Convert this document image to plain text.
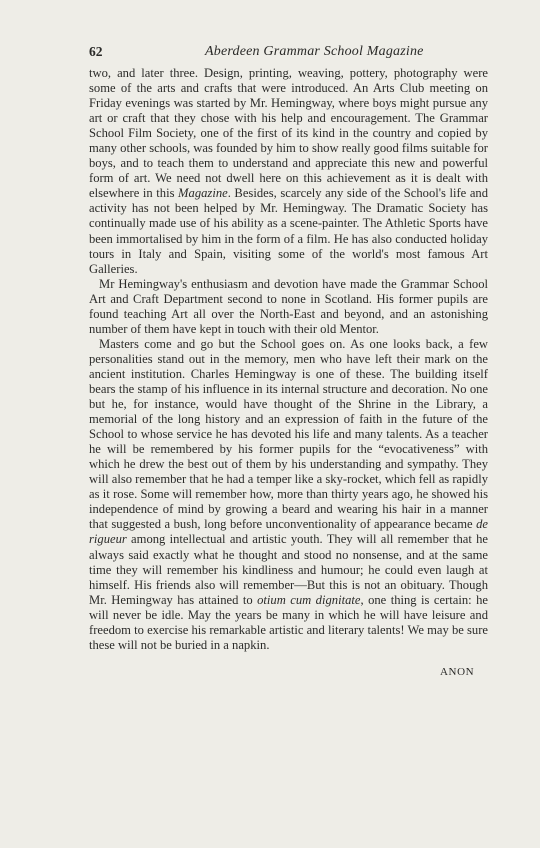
62	Aberdeen Grammar School Magazine

two, and later three. Design, printing, weaving, pottery, photography were some of the arts and crafts that were introduced. An Arts Club meeting on Friday evenings was started by Mr. Hemingway, where boys might pursue any art or craft that they chose with his help and encouragement. The Grammar School Film Society, one of the first of its kind in the country and copied by many other schools, was founded by him to show really good films suitable for boys, and to teach them to understand and appreciate this new and powerful form of art. We need not dwell here on this achievement as it is dealt with elsewhere in this Magazine. Besides, scarcely any side of the School's life and activity has not been helped by Mr. Hemingway. The Dramatic Society has continually made use of his ability as a scene-painter. The Athletic Sports have been immortalised by him in the form of a film. He has also conducted holiday tours in Italy and Spain, visiting some of the world's most famous Art Galleries.

Mr Hemingway's enthusiasm and devotion have made the Grammar School Art and Craft Department second to none in Scotland. His former pupils are found teaching Art all over the North-East and beyond, and an astonishing number of them have kept in touch with their old Mentor.

Masters come and go but the School goes on. As one looks back, a few personalities stand out in the memory, men who have left their mark on the ancient institution. Charles Hemingway is one of these. The building itself bears the stamp of his influence in its internal structure and decoration. No one but he, for instance, would have thought of the Shrine in the Library, a memorial of the long history and an expression of faith in the future of the School to whose service he has devoted his life and many talents. As a teacher he will be remembered by his former pupils for the “evocativeness” with which he drew the best out of them by his understanding and sympathy. They will also remember that he had a temper like a sky-rocket, which fell as rapidly as it rose. Some will remember how, more than thirty years ago, he showed his independence of mind by growing a beard and wearing his hair in a manner that suggested a bush, long before unconventionality of appearance became de rigueur among intellectual and artistic youth. They will all remember that he always said exactly what he thought and stood no nonsense, and at the same time they will remember his kindliness and humour; he could even laugh at himself. His friends also will remember—But this is not an obituary. Though Mr. Hemingway has attained to otium cum dignitate, one thing is certain: he will never be idle. May the years be many in which he will have leisure and freedom to exercise his remarkable artistic and literary talents! We may be sure these will not be buried in a napkin.

ANON
